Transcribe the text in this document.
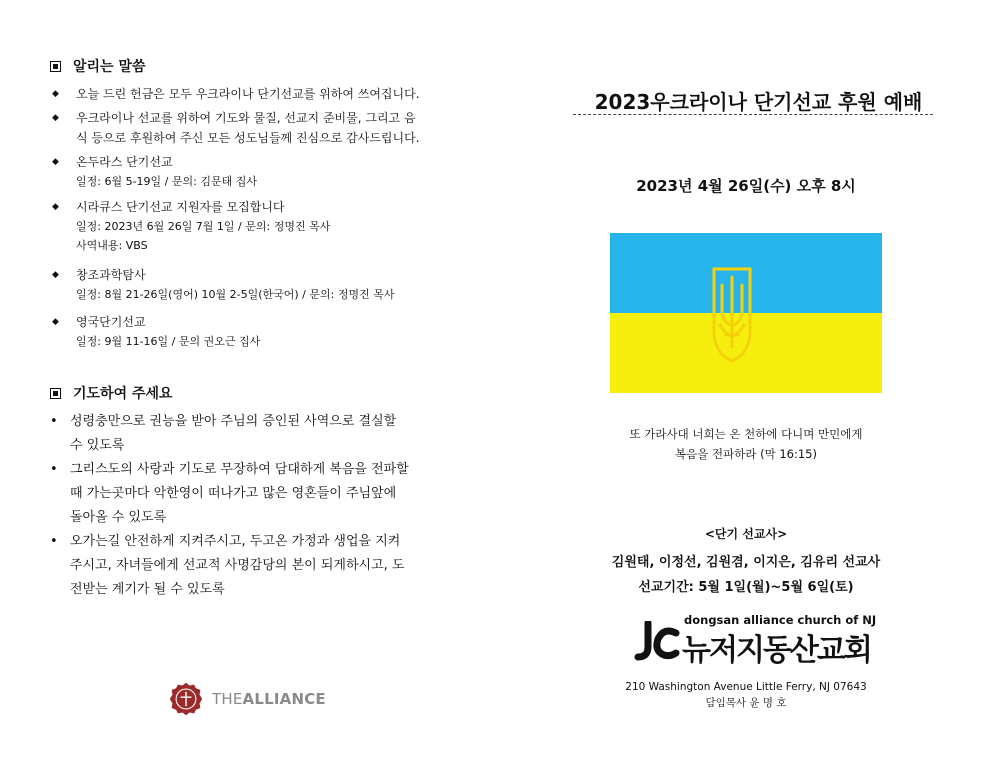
알리는 말씀
◆ 오늘 드린 헌금은 모두 우크라이나 단기선교를 위하여 쓰여집니다.
◆ 우크라이나 선교를 위하여 기도와 물질, 선교지 준비물, 그리고 음
식 등으로 후원하여 주신 모든 성도님들께 진심으로 감사드립니다.
◆ 온두라스 단기선교
일정: 6월 5-19일 / 문의: 김문태 집사
◆ 시라큐스 단기선교 지원자를 모집합니다
일정: 2023년 6월 26일 7월 1일 / 문의: 정명진 목사
사역내용: VBS
◆ 창조과학탐사
일정: 8월 21-26일(영어) 10월 2-5일(한국어) / 문의: 정명진 목사
◆ 영국단기선교
일정: 9월 11-16일 / 문의 권오근 집사
기도하여 주세요
• 성령충만으로 권능을 받아 주님의 증인된 사역으로 결실할
수 있도록
• 그리스도의 사랑과 기도로 무장하여 담대하게 복음을 전파할
때 가는곳마다 악한영이 떠나가고 많은 영혼들이 주님앞에
돌아올 수 있도록
• 오가는길 안전하게 지켜주시고, 두고온 가정과 생업을 지켜
주시고, 자녀들에게 선교적 사명감당의 본이 되게하시고, 도
전받는 계기가 될 수 있도록
THEALLIANCE
2023우크라이나 단기선교 후원 예배
2023년 4월 26일(수) 오후 8시
또 가라사대 너희는 온 천하에 다니며 만민에게
복음을 전파하라 (막 16:15)
<단기 선교사>
김원태, 이정선, 김원겸, 이지은, 김유리 선교사
선교기간: 5월 1일(월)~5월 6일(토)
dongsan alliance church of NJ
뉴저지동산교회
210 Washington Avenue Little Ferry, NJ 07643
담임목사 윤 명 호
